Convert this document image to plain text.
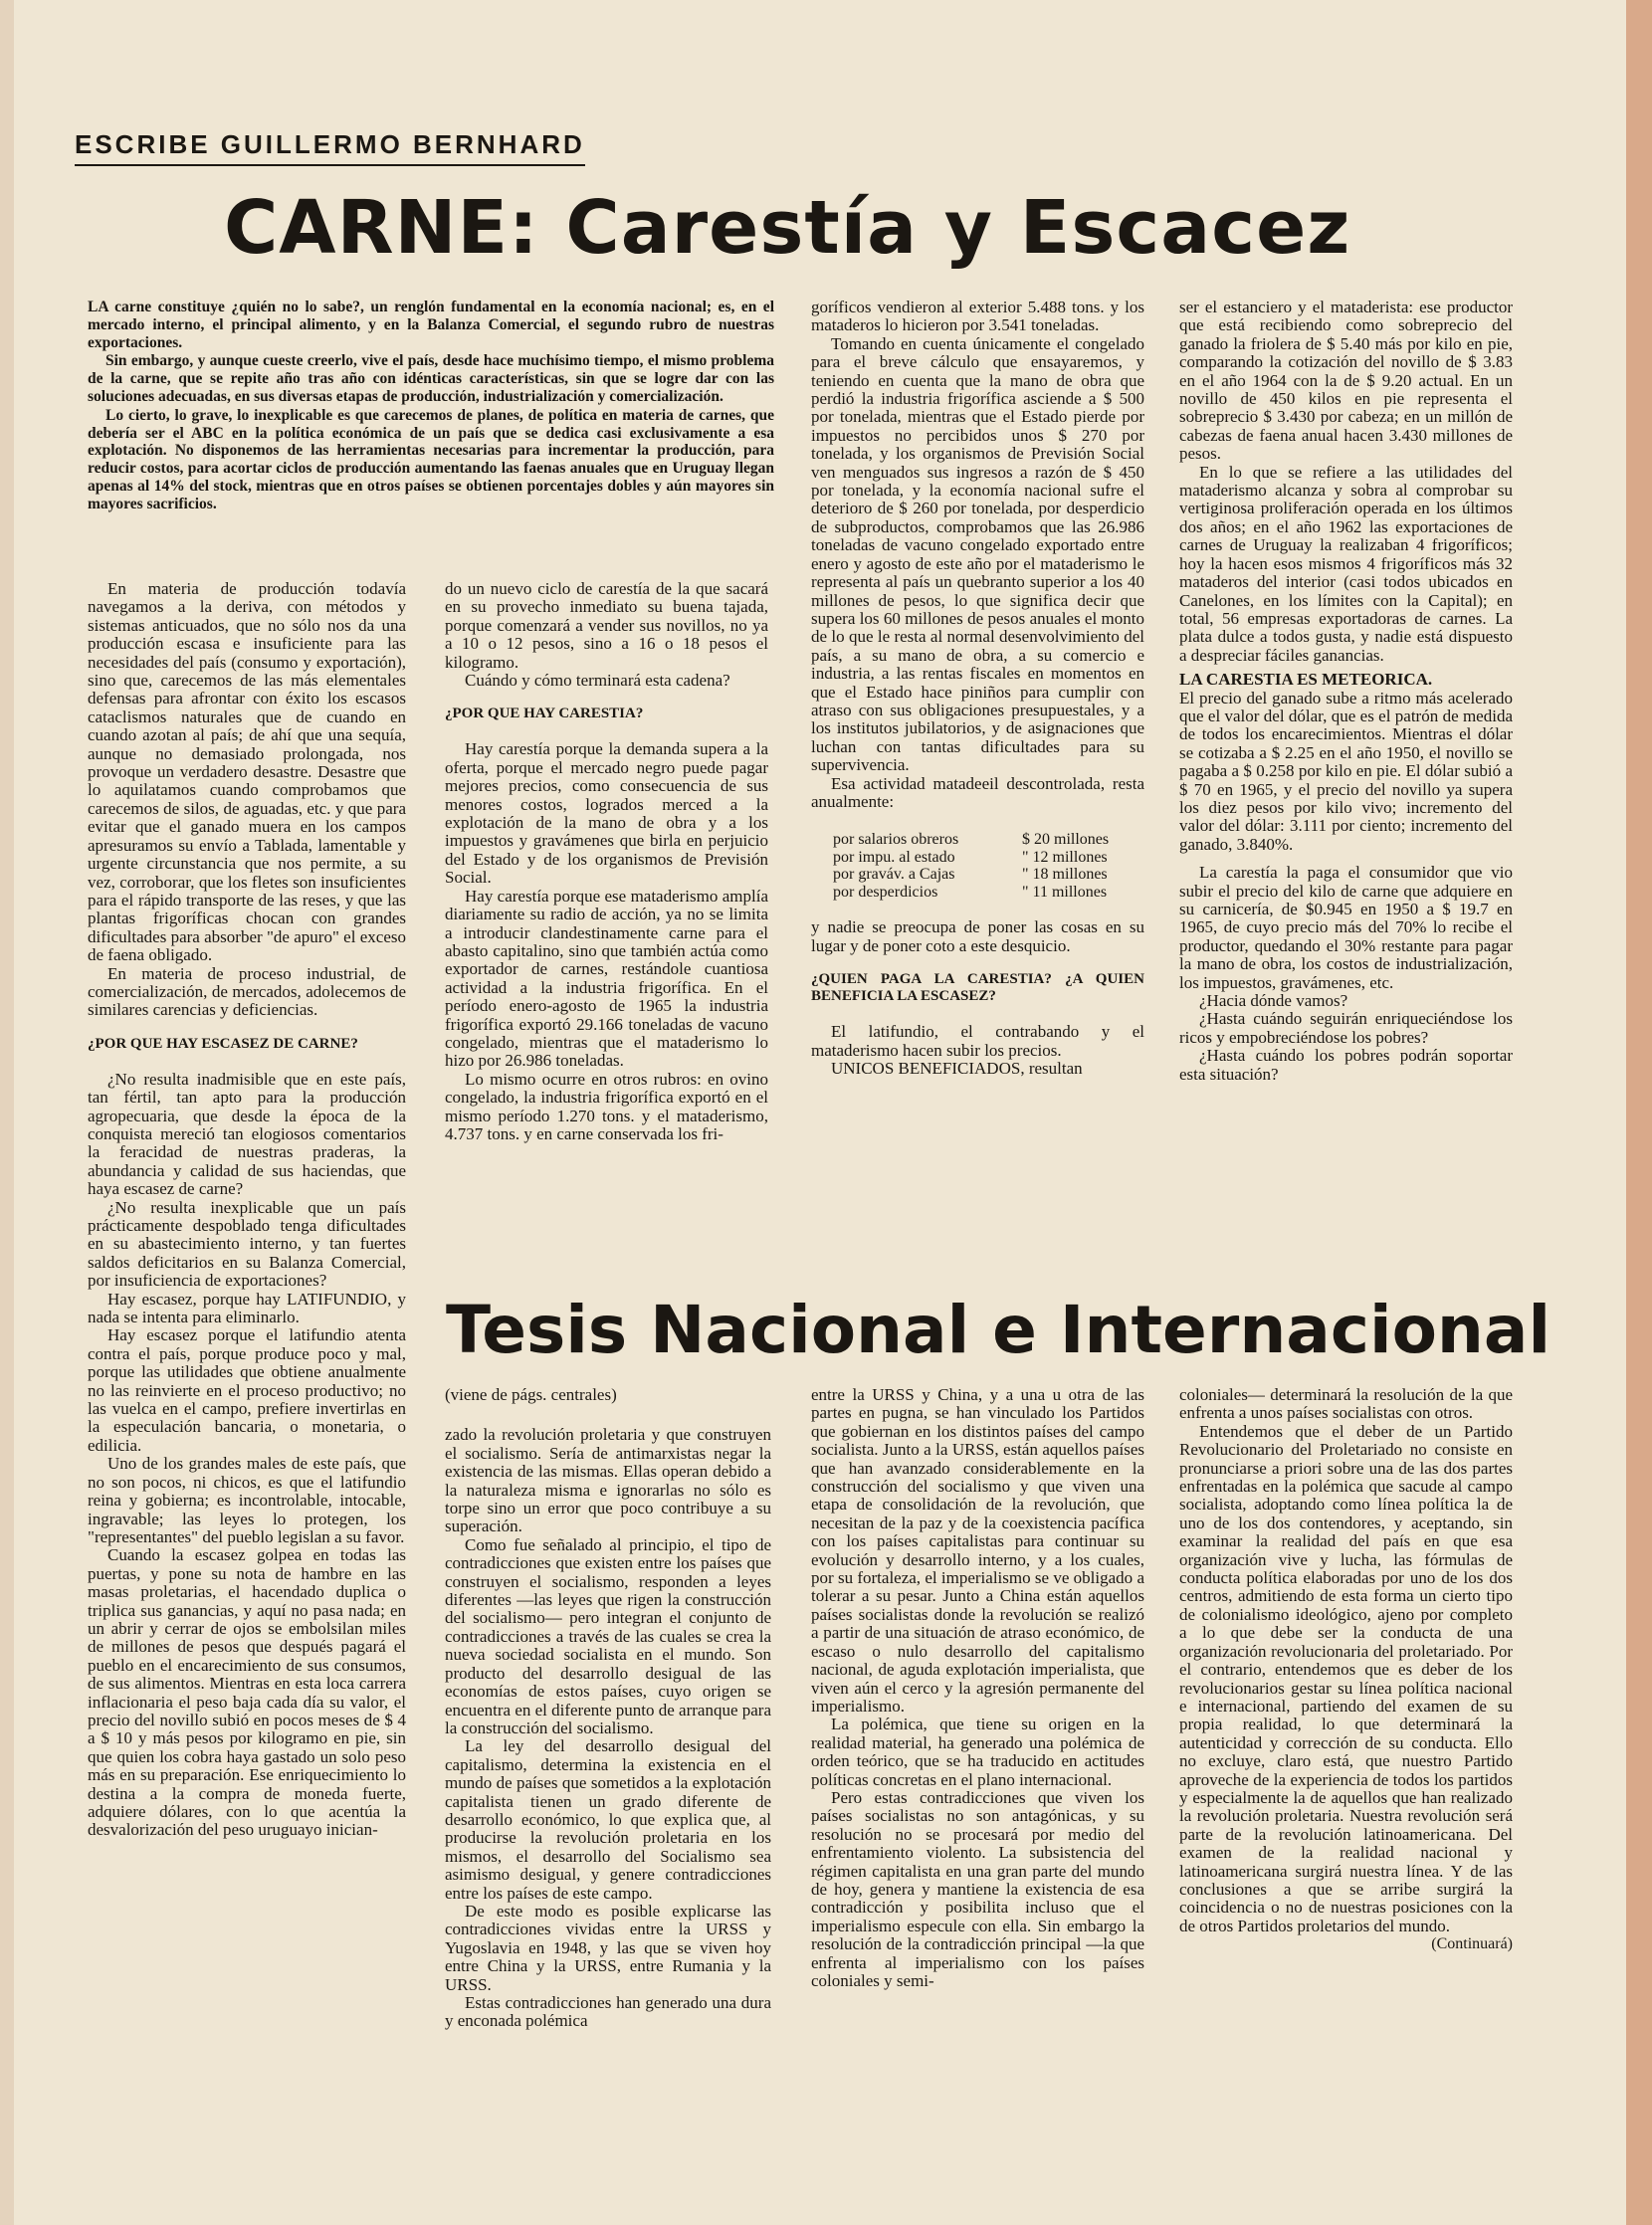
ESCRIBE GUILLERMO BERNHARD
CARNE: Carestía y Escacez

LA carne constituye ¿quién no lo sabe?, un renglón fundamental en la economía nacional; es, en el mercado interno, el principal alimento, y en la Balanza Comercial, el segundo rubro de nuestras exportaciones.

Sin embargo, y aunque cueste creerlo, vive el país, desde hace muchísimo tiempo, el mismo problema de la carne, que se repite año tras año con idénticas características, sin que se logre dar con las soluciones adecuadas, en sus diversas etapas de producción, industrialización y comercialización.

Lo cierto, lo grave, lo inexplicable es que carecemos de planes, de política en materia de carnes, que debería ser el ABC en la política económica de un país que se dedica casi exclusivamente a esa explotación. No disponemos de las herramientas necesarias para incrementar la producción, para reducir costos, para acortar ciclos de producción aumentando las faenas anuales que en Uruguay llegan apenas al 14% del stock, mientras que en otros países se obtienen porcentajes dobles y aún mayores sin mayores sacrificios.

En materia de producción todavía navegamos a la deriva, con métodos y sistemas anticuados, que no sólo nos da una producción escasa e insuficiente para las necesidades del país (consumo y exportación), sino que, carecemos de las más elementales defensas para afrontar con éxito los escasos cataclismos naturales que de cuando en cuando azotan al país; de ahí que una sequía, aunque no demasiado prolongada, nos provoque un verdadero desastre. Desastre que lo aquilatamos cuando comprobamos que carecemos de silos, de aguadas, etc. y que para evitar que el ganado muera en los campos apresuramos su envío a Tablada, lamentable y urgente circunstancia que nos permite, a su vez, corroborar, que los fletes son insuficientes para el rápido transporte de las reses, y que las plantas frigoríficas chocan con grandes dificultades para absorber "de apuro" el exceso de faena obligado.

En materia de proceso industrial, de comercialización, de mercados, adolecemos de similares carencias y deficiencias.

¿POR QUE HAY ESCASEZ DE CARNE?

¿No resulta inadmisible que en este país, tan fértil, tan apto para la producción agropecuaria, que desde la época de la conquista mereció tan elogiosos comentarios la feracidad de nuestras praderas, la abundancia y calidad de sus haciendas, que haya escasez de carne?

¿No resulta inexplicable que un país prácticamente despoblado tenga dificultades en su abastecimiento interno, y tan fuertes saldos deficitarios en su Balanza Comercial, por insuficiencia de exportaciones?

Hay escasez, porque hay LATIFUNDIO, y nada se intenta para eliminarlo.

Hay escasez porque el latifundio atenta contra el país, porque produce poco y mal, porque las utilidades que obtiene anualmente no las reinvierte en el proceso productivo; no las vuelca en el campo, prefiere invertirlas en la especulación bancaria, o monetaria, o edilicia.

Uno de los grandes males de este país, que no son pocos, ni chicos, es que el latifundio reina y gobierna; es incontrolable, intocable, ingravable; las leyes lo protegen, los "representantes" del pueblo legislan a su favor.

Cuando la escasez golpea en todas las puertas, y pone su nota de hambre en las masas proletarias, el hacendado duplica o triplica sus ganancias, y aquí no pasa nada; en un abrir y cerrar de ojos se embolsilan miles de millones de pesos que después pagará el pueblo en el encarecimiento de sus consumos, de sus alimentos. Mientras en esta loca carrera inflacionaria el peso baja cada día su valor, el precio del novillo subió en pocos meses de $ 4 a $ 10 y más pesos por kilogramo en pie, sin que quien los cobra haya gastado un solo peso más en su preparación. Ese enriquecimiento lo destina a la compra de moneda fuerte, adquiere dólares, con lo que acentúa la desvalorización del peso uruguayo inician-

do un nuevo ciclo de carestía de la que sacará en su provecho inmediato su buena tajada, porque comenzará a vender sus novillos, no ya a 10 o 12 pesos, sino a 16 o 18 pesos el kilogramo.

Cuándo y cómo terminará esta cadena?

¿POR QUE HAY CARESTIA?

Hay carestía porque la demanda supera a la oferta, porque el mercado negro puede pagar mejores precios, como consecuencia de sus menores costos, logrados merced a la explotación de la mano de obra y a los impuestos y gravámenes que birla en perjuicio del Estado y de los organismos de Previsión Social.

Hay carestía porque ese mataderismo amplía diariamente su radio de acción, ya no se limita a introducir clandestinamente carne para el abasto capitalino, sino que también actúa como exportador de carnes, restándole cuantiosa actividad a la industria frigorífica. En el período enero-agosto de 1965 la industria frigorífica exportó 29.166 toneladas de vacuno congelado, mientras que el mataderismo lo hizo por 26.986 toneladas.

Lo mismo ocurre en otros rubros: en ovino congelado, la industria frigorífica exportó en el mismo período 1.270 tons. y el mataderismo, 4.737 tons. y en carne conservada los fri-

goríficos vendieron al exterior 5.488 tons. y los mataderos lo hicieron por 3.541 toneladas.

Tomando en cuenta únicamente el congelado para el breve cálculo que ensayaremos, y teniendo en cuenta que la mano de obra que perdió la industria frigorífica asciende a $ 500 por tonelada, mientras que el Estado pierde por impuestos no percibidos unos $ 270 por tonelada, y los organismos de Previsión Social ven menguados sus ingresos a razón de $ 450 por tonelada, y la economía nacional sufre el deterioro de $ 260 por tonelada, por desperdicio de subproductos, comprobamos que las 26.986 toneladas de vacuno congelado exportado entre enero y agosto de este año por el mataderismo le representa al país un quebranto superior a los 40 millones de pesos, lo que significa decir que supera los 60 millones de pesos anuales el monto de lo que le resta al normal desenvolvimiento del país, a su mano de obra, a su comercio e industria, a las rentas fiscales en momentos en que el Estado hace piniños para cumplir con atraso con sus obligaciones presupuestales, y a los institutos jubilatorios, y de asignaciones que luchan con tantas dificultades para su supervivencia.

Esa actividad matadeeil descontrolada, resta anualmente:

por salarios obreros	$ 20 millones
por impu. al estado	" 12 millones
por graváv. a Cajas	" 18 millones
por desperdicios	" 11 millones

y nadie se preocupa de poner las cosas en su lugar y de poner coto a este desquicio.

¿QUIEN PAGA LA CARESTIA? ¿A QUIEN BENEFICIA LA ESCASEZ?

El latifundio, el contrabando y el mataderismo hacen subir los precios.

UNICOS BENEFICIADOS, resultan

ser el estanciero y el mataderista: ese productor que está recibiendo como sobreprecio del ganado la friolera de $ 5.40 más por kilo en pie, comparando la cotización del novillo de $ 3.83 en el año 1964 con la de $ 9.20 actual. En un novillo de 450 kilos en pie representa el sobreprecio $ 3.430 por cabeza; en un millón de cabezas de faena anual hacen 3.430 millones de pesos.

En lo que se refiere a las utilidades del mataderismo alcanza y sobra al comprobar su vertiginosa proliferación operada en los últimos dos años; en el año 1962 las exportaciones de carnes de Uruguay la realizaban 4 frigoríficos; hoy la hacen esos mismos 4 frigoríficos más 32 mataderos del interior (casi todos ubicados en Canelones, en los límites con la Capital); en total, 56 empresas exportadoras de carnes. La plata dulce a todos gusta, y nadie está dispuesto a despreciar fáciles ganancias.

LA CARESTIA ES METEORICA.

El precio del ganado sube a ritmo más acelerado que el valor del dólar, que es el patrón de medida de todos los encarecimientos. Mientras el dólar se cotizaba a $ 2.25 en el año 1950, el novillo se pagaba a $ 0.258 por kilo en pie. El dólar subió a $ 70 en 1965, y el precio del novillo ya supera los diez pesos por kilo vivo; incremento del valor del dólar: 3.111 por ciento; incremento del ganado, 3.840%.

La carestía la paga el consumidor que vio subir el precio del kilo de carne que adquiere en su carnicería, de $0.945 en 1950 a $ 19.7 en 1965, de cuyo precio más del 70% lo recibe el productor, quedando el 30% restante para pagar la mano de obra, los costos de industrialización, los impuestos, gravámenes, etc.

¿Hacia dónde vamos?

¿Hasta cuándo seguirán enriqueciéndose los ricos y empobreciéndose los pobres?

¿Hasta cuándo los pobres podrán soportar esta situación?

Tesis Nacional e Internacional

(viene de págs. centrales)

zado la revolución proletaria y que construyen el socialismo. Sería de antimarxistas negar la existencia de las mismas. Ellas operan debido a la naturaleza misma e ignorarlas no sólo es torpe sino un error que poco contribuye a su superación.

Como fue señalado al principio, el tipo de contradicciones que existen entre los países que construyen el socialismo, responden a leyes diferentes —las leyes que rigen la construcción del socialismo— pero integran el conjunto de contradicciones a través de las cuales se crea la nueva sociedad socialista en el mundo. Son producto del desarrollo desigual de las economías de estos países, cuyo origen se encuentra en el diferente punto de arranque para la construcción del socialismo.

La ley del desarrollo desigual del capitalismo, determina la existencia en el mundo de países que sometidos a la explotación capitalista tienen un grado diferente de desarrollo económico, lo que explica que, al producirse la revolución proletaria en los mismos, el desarrollo del Socialismo sea asimismo desigual, y genere contradicciones entre los países de este campo.

De este modo es posible explicarse las contradicciones vividas entre la URSS y Yugoslavia en 1948, y las que se viven hoy entre China y la URSS, entre Rumania y la URSS.

Estas contradicciones han generado una dura y enconada polémica

entre la URSS y China, y a una u otra de las partes en pugna, se han vinculado los Partidos que gobiernan en los distintos países del campo socialista. Junto a la URSS, están aquellos países que han avanzado considerablemente en la construcción del socialismo y que viven una etapa de consolidación de la revolución, que necesitan de la paz y de la coexistencia pacífica con los países capitalistas para continuar su evolución y desarrollo interno, y a los cuales, por su fortaleza, el imperialismo se ve obligado a tolerar a su pesar. Junto a China están aquellos países socialistas donde la revolución se realizó a partir de una situación de atraso económico, de escaso o nulo desarrollo del capitalismo nacional, de aguda explotación imperialista, que viven aún el cerco y la agresión permanente del imperialismo.

La polémica, que tiene su origen en la realidad material, ha generado una polémica de orden teórico, que se ha traducido en actitudes políticas concretas en el plano internacional.

Pero estas contradicciones que viven los países socialistas no son antagónicas, y su resolución no se procesará por medio del enfrentamiento violento. La subsistencia del régimen capitalista en una gran parte del mundo de hoy, genera y mantiene la existencia de esa contradicción y posibilita incluso que el imperialismo especule con ella. Sin embargo la resolución de la contradicción principal —la que enfrenta al imperialismo con los países coloniales y semi-

coloniales— determinará la resolución de la que enfrenta a unos países socialistas con otros.

Entendemos que el deber de un Partido Revolucionario del Proletariado no consiste en pronunciarse a priori sobre una de las dos partes enfrentadas en la polémica que sacude al campo socialista, adoptando como línea política la de uno de los dos contendores, y aceptando, sin examinar la realidad del país en que esa organización vive y lucha, las fórmulas de conducta política elaboradas por uno de los dos centros, admitiendo de esta forma un cierto tipo de colonialismo ideológico, ajeno por completo a lo que debe ser la conducta de una organización revolucionaria del proletariado. Por el contrario, entendemos que es deber de los revolucionarios gestar su línea política nacional e internacional, partiendo del examen de su propia realidad, lo que determinará la autenticidad y corrección de su conducta. Ello no excluye, claro está, que nuestro Partido aproveche de la experiencia de todos los partidos y especialmente la de aquellos que han realizado la revolución proletaria. Nuestra revolución será parte de la revolución latinoamericana. Del examen de la realidad nacional y latinoamericana surgirá nuestra línea. Y de las conclusiones a que se arribe surgirá la coincidencia o no de nuestras posiciones con la de otros Partidos proletarios del mundo.

(Continuará)
